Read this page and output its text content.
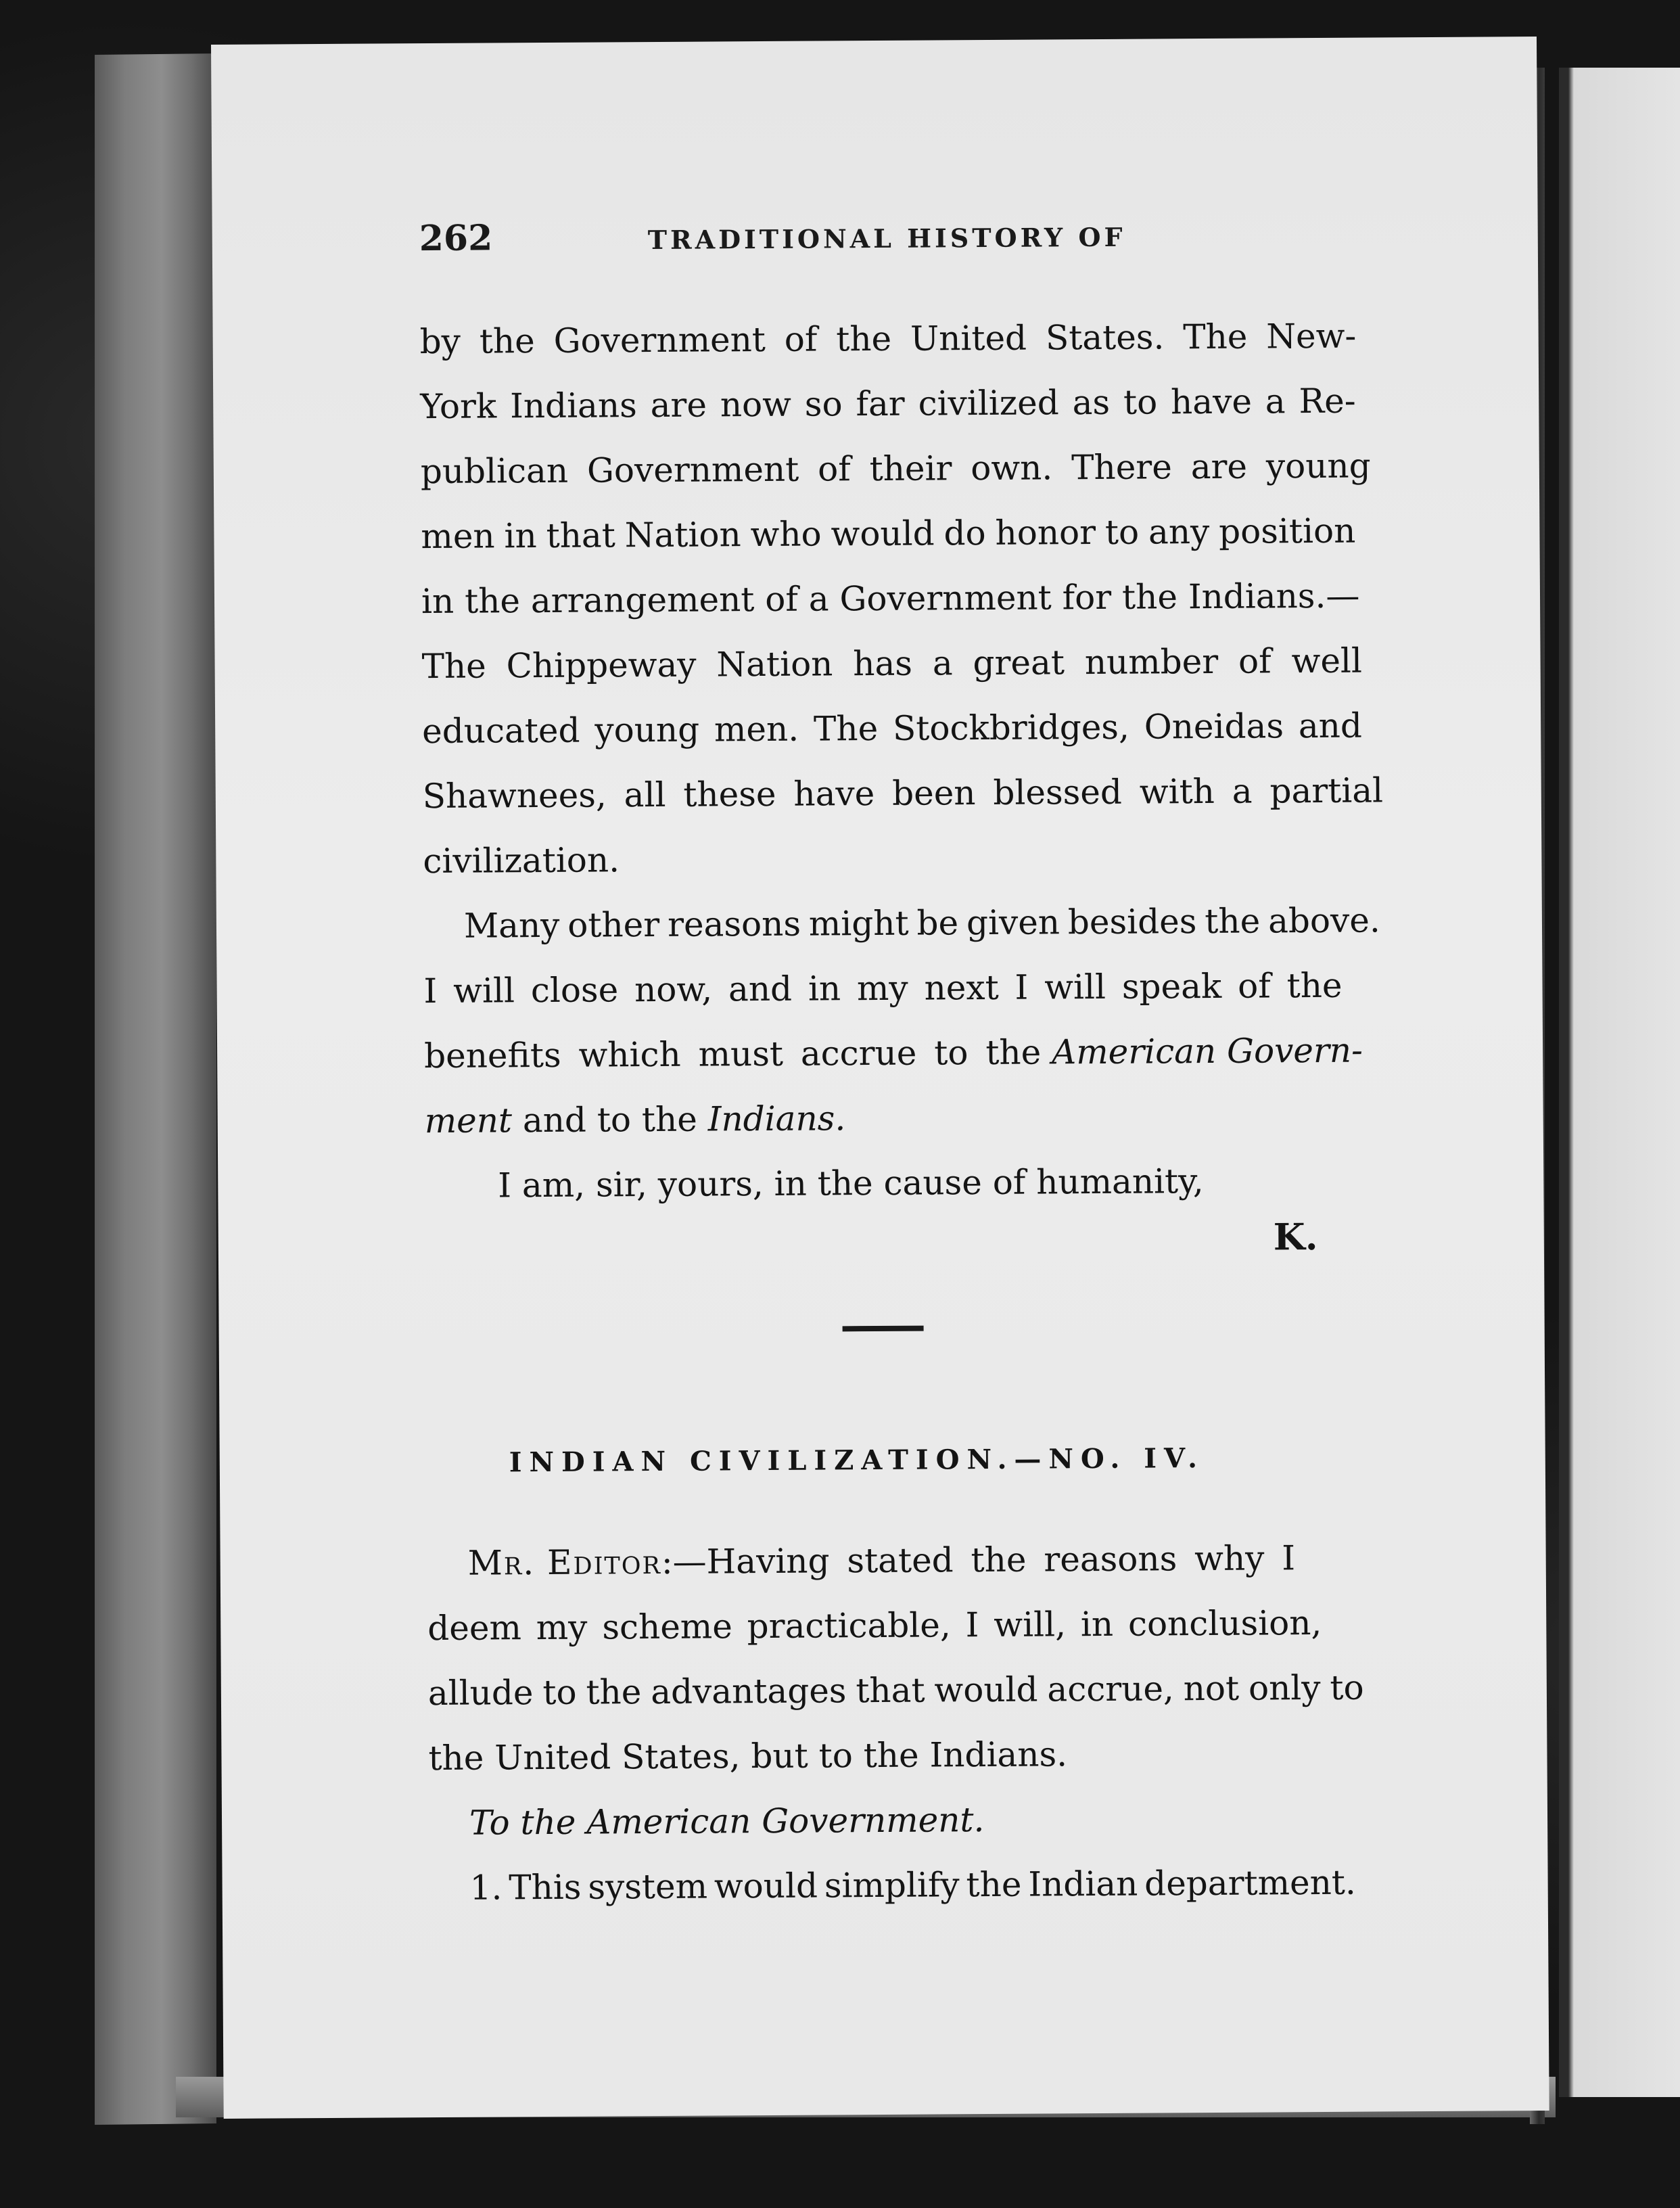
262	TRADITIONAL HISTORY OF
by the Government of the United States. The New-
York Indians are now so far civilized as to have a Re-
publican Government of their own. There are young
men in that Nation who would do honor to any position
in the arrangement of a Government for the Indians.—
The Chippeway Nation has a great number of well
educated young men. The Stockbridges, Oneidas and
Shawnees, all these have been blessed with a partial
civilization.
Many other reasons might be given besides the above.
I will close now, and in my next I will speak of the
benefits which must accrue to the
American Govern-
ment
and to the
Indians.
I am, sir, yours, in the cause of humanity,
K.
INDIAN CIVILIZATION.—NO. IV.
Mr. Editor :—Having stated the reasons why I
deem my scheme practicable, I will, in conclusion,
allude to the advantages that would accrue, not only to
the United States, but to the Indians.
To the American Government.
1. This system would simplify the Indian department.
